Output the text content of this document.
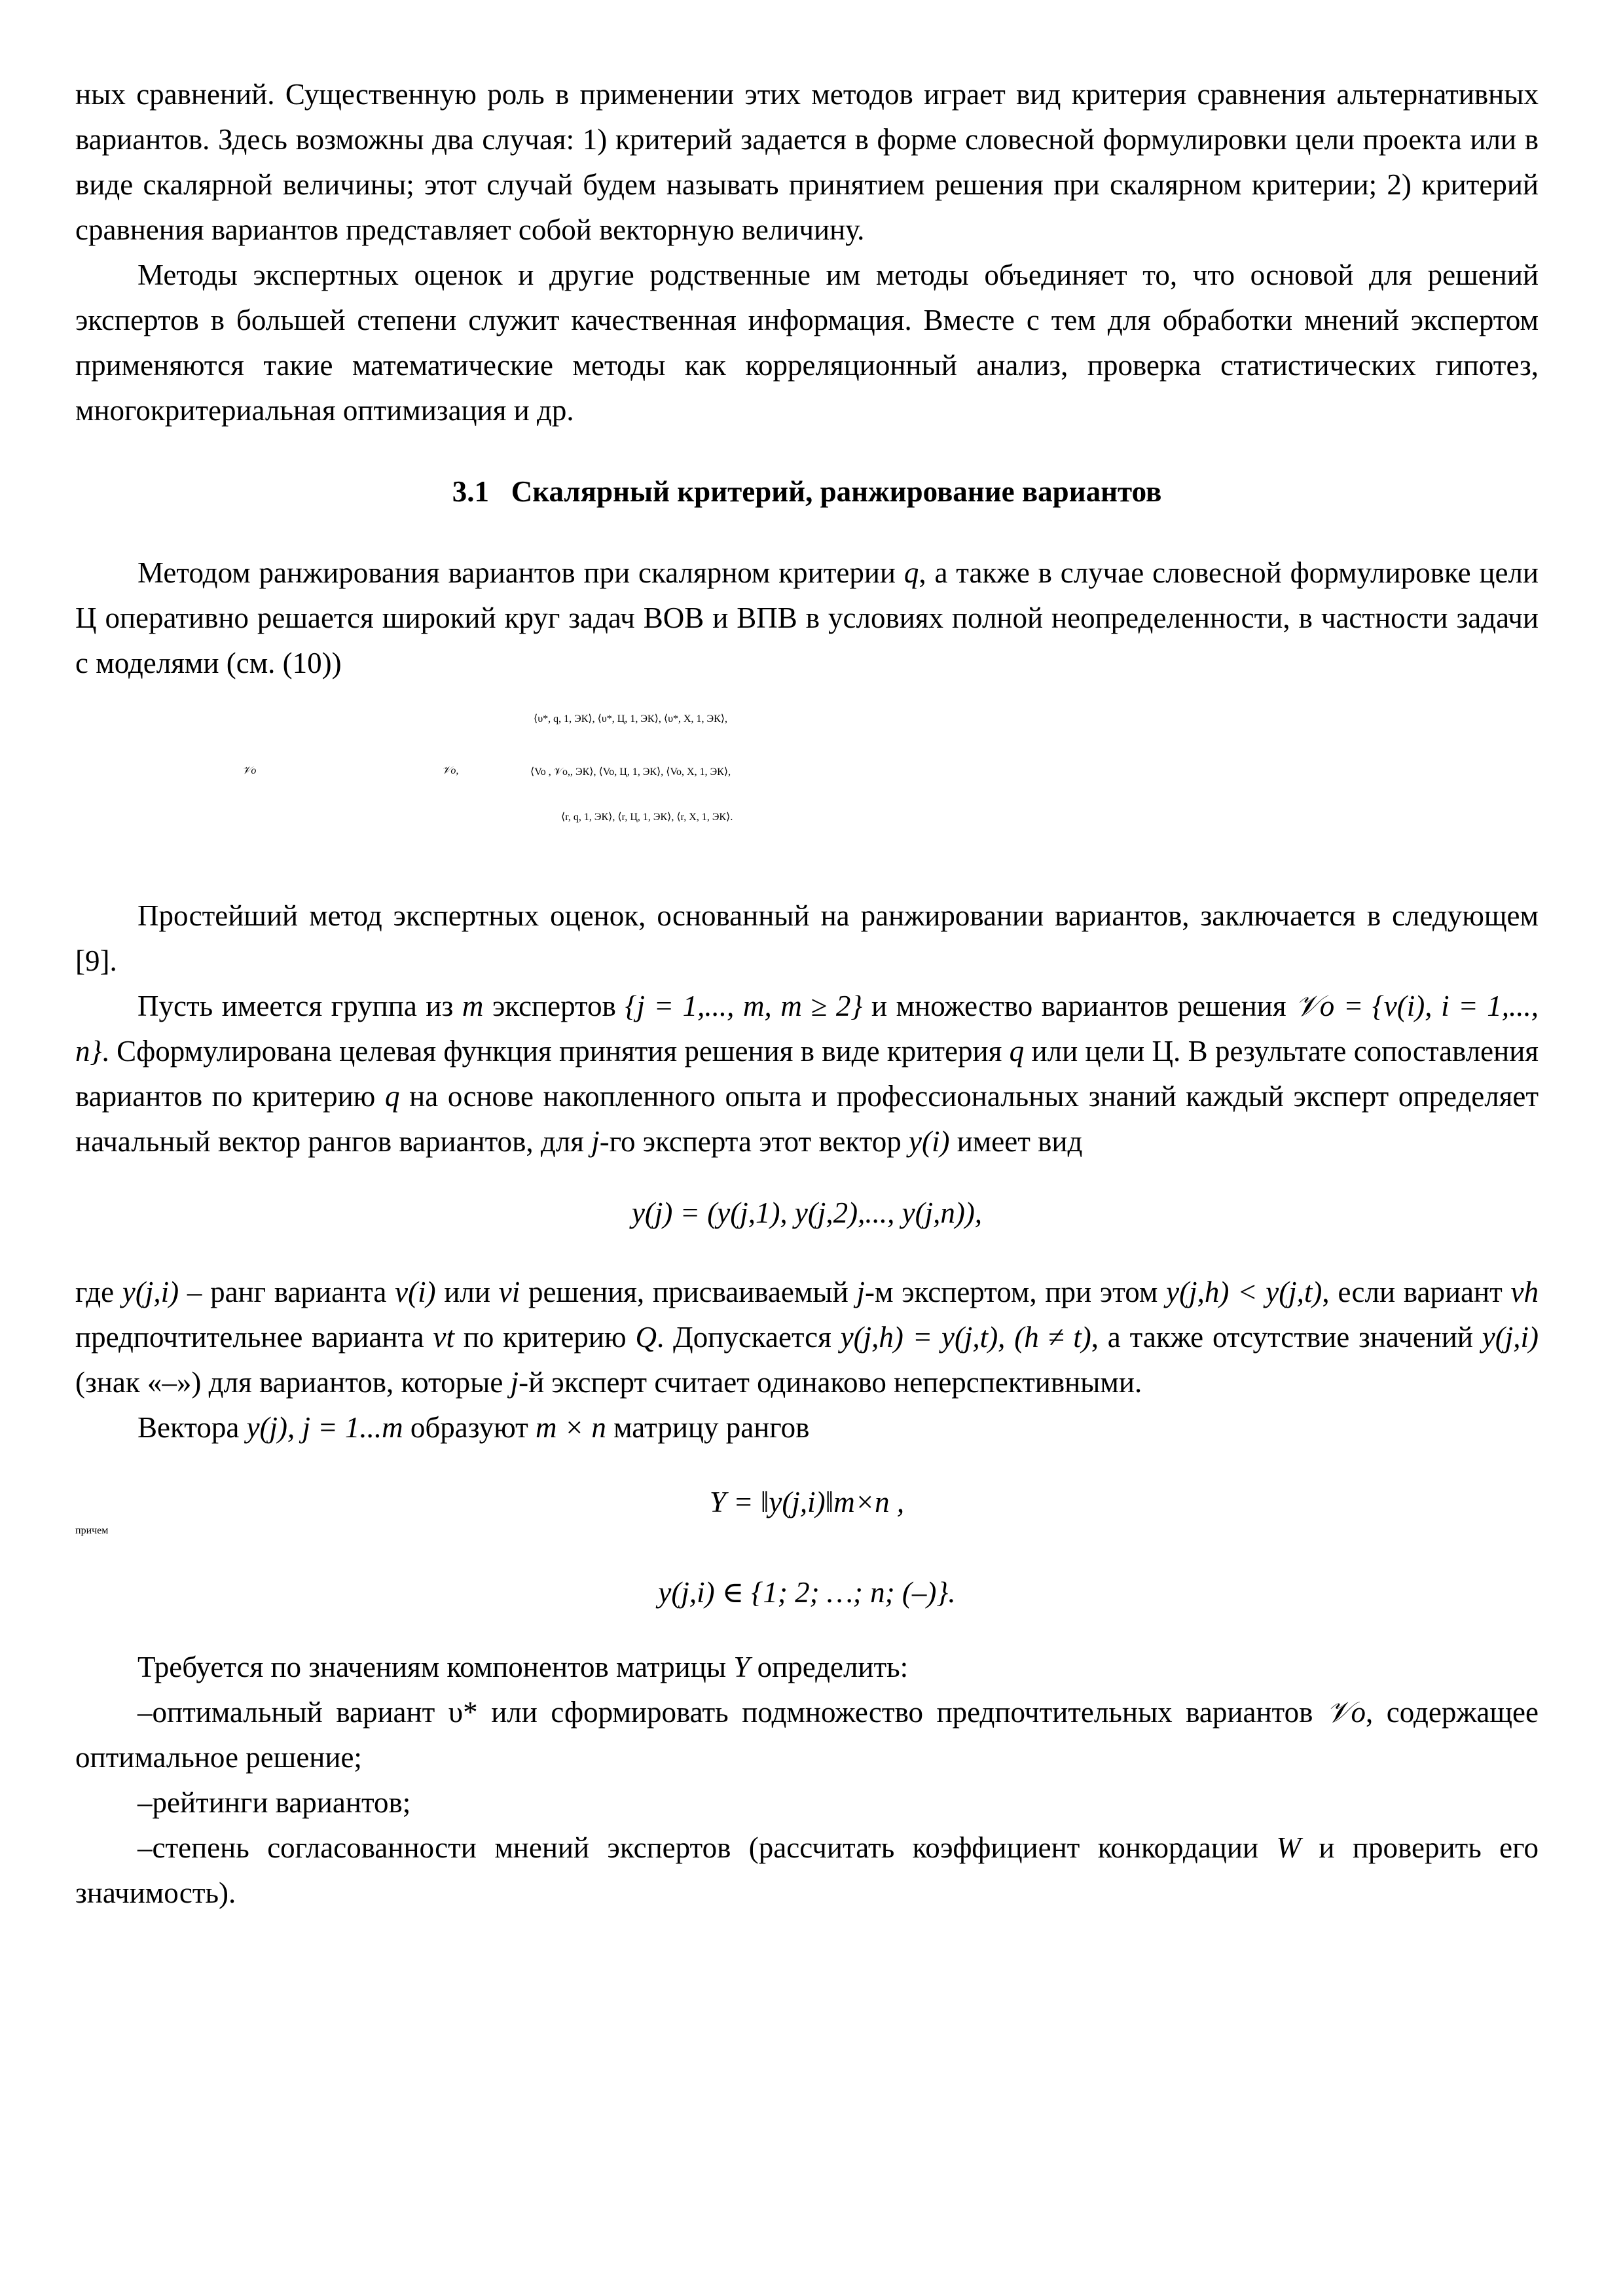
ных сравнений. Существенную роль в применении этих методов играет вид критерия сравнения альтернативных вариантов. Здесь возможны два случая: 1) критерий задается в форме словесной формулировки цели проекта или в виде скалярной величины; этот случай будем называть принятием решения при скалярном критерии; 2) критерий сравнения вариантов представляет собой векторную величину.

Методы экспертных оценок и другие родственные им методы объединяет то, что основой для решений экспертов в большей степени служит качественная информация. Вместе с тем для обработки мнений экспертом применяются такие математические методы как корреляционный анализ, проверка статистических гипотез, многокритериальная оптимизация и др.

3.1 Скалярный критерий, ранжирование вариантов

Методом ранжирования вариантов при скалярном критерии q, а также в случае словесной формулировке цели Ц оперативно решается широкий круг задач ВОВ и ВПВ в условиях полной неопределенности, в частности задачи с моделями (см. (10))

⟨υ*, q, 1, ЭК⟩, ⟨υ*, Ц, 1, ЭК⟩, ⟨υ*, X, 1, ЭК⟩,
𝒱o	𝒱o,	⟨Vo , 𝒱o,, ЭК⟩, ⟨Vo, Ц, 1, ЭК⟩, ⟨Vo, X, 1, ЭК⟩,
⟨r, q, 1, ЭК⟩, ⟨r, Ц, 1, ЭК⟩, ⟨r, X, 1, ЭК⟩.

Простейший метод экспертных оценок, основанный на ранжировании вариантов, заключается в следующем [9].

Пусть имеется группа из m экспертов {j = 1,..., m, m ≥ 2} и множество вариантов решения 𝒱o = {v(i), i = 1,..., n}. Сформулирована целевая функция принятия решения в виде критерия q или цели Ц. В результате сопоставления вариантов по критерию q на основе накопленного опыта и профессиональных знаний каждый эксперт определяет начальный вектор рангов вариантов, для j-го эксперта этот вектор y(i) имеет вид

y(j) = (y(j,1), y(j,2),..., y(j,n)),

где y(j,i) – ранг варианта v(i) или vi решения, присваиваемый j-м экспертом, при этом y(j,h) < y(j,t), если вариант vh предпочтительнее варианта vt по критерию Q. Допускается y(j,h) = y(j,t), (h ≠ t), а также отсутствие значений y(j,i) (знак «–») для вариантов, которые j-й эксперт считает одинаково неперспективными.

Вектора y(j), j = 1...m образуют m × n матрицу рангов

Y = ‖y(j,i)‖m×n ,
причем
y(j,i) ∈ {1; 2; …; n; (–)}.

Требуется по значениям компонентов матрицы Y определить:

–оптимальный вариант υ* или сформировать подмножество предпочтительных вариантов 𝒱o, содержащее оптимальное решение;

–рейтинги вариантов;

–степень согласованности мнений экспертов (рассчитать коэффициент конкордации W и проверить его значимость).
